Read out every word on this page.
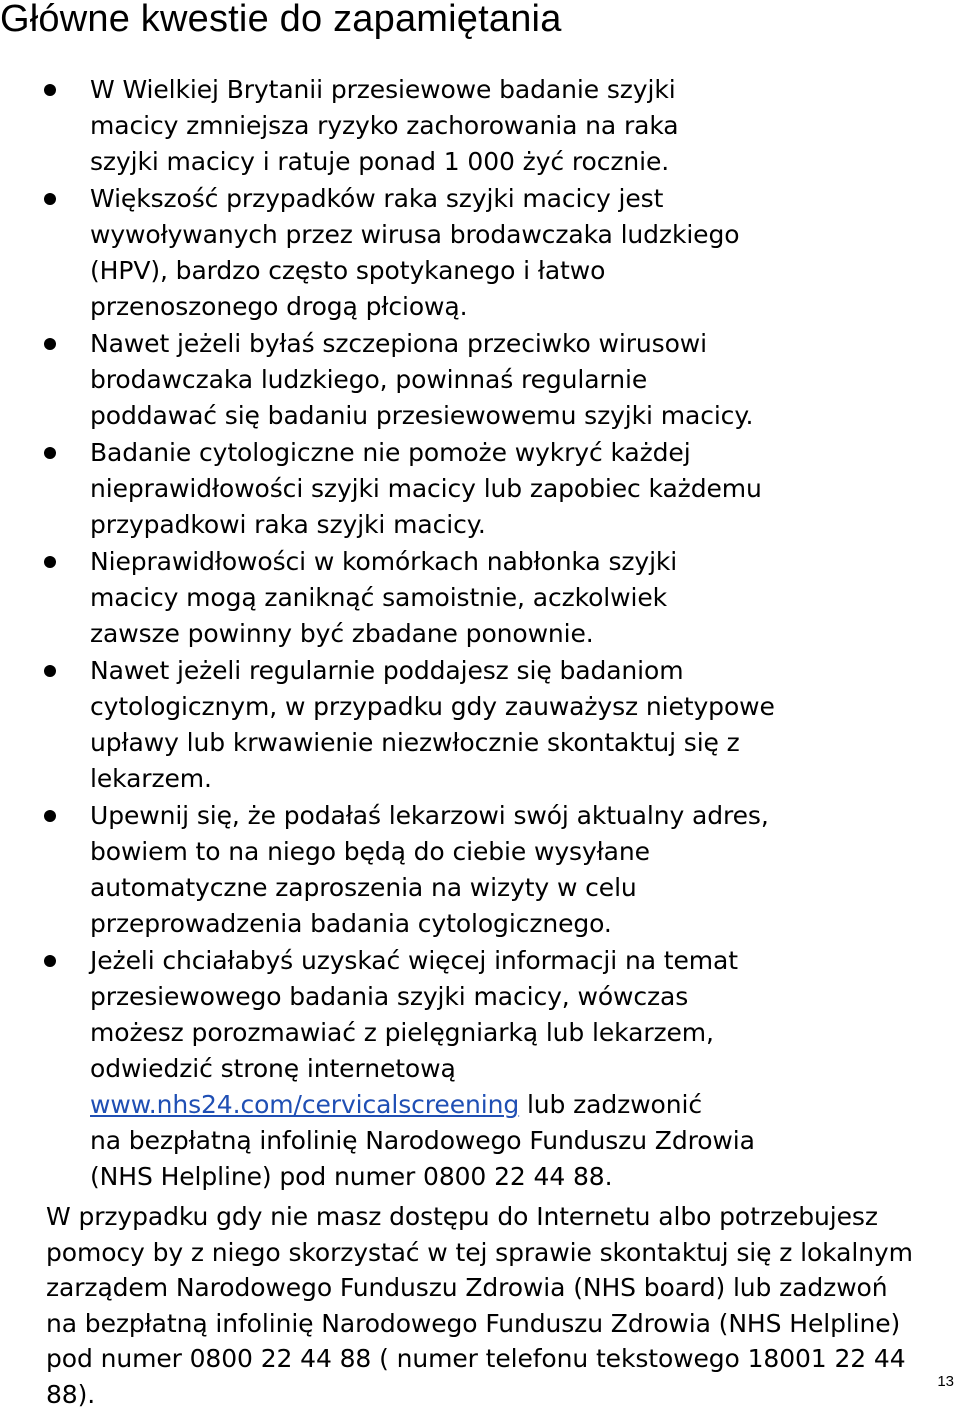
Główne kwestie do zapamiętania
W Wielkiej Brytanii przesiewowe badanie szyjki
macicy zmniejsza ryzyko zachorowania na raka
szyjki macicy i ratuje ponad 1 000 żyć rocznie.
Większość przypadków raka szyjki macicy jest
wywoływanych przez wirusa brodawczaka ludzkiego
(HPV), bardzo często spotykanego i łatwo
przenoszonego drogą płciową.
Nawet jeżeli byłaś szczepiona przeciwko wirusowi
brodawczaka ludzkiego, powinnaś regularnie
poddawać się badaniu przesiewowemu szyjki macicy.
Badanie cytologiczne nie pomoże wykryć każdej
nieprawidłowości szyjki macicy lub zapobiec każdemu
przypadkowi raka szyjki macicy.
Nieprawidłowości w komórkach nabłonka szyjki
macicy mogą zaniknąć samoistnie, aczkolwiek
zawsze powinny być zbadane ponownie.
Nawet jeżeli regularnie poddajesz się badaniom
cytologicznym, w przypadku gdy zauważysz nietypowe
upławy lub krwawienie niezwłocznie skontaktuj się z
lekarzem.
Upewnij się, że podałaś lekarzowi swój aktualny adres,
bowiem to na niego będą do ciebie wysyłane
automatyczne zaproszenia na wizyty w celu
przeprowadzenia badania cytologicznego.
Jeżeli chciałabyś uzyskać więcej informacji na temat
przesiewowego badania szyjki macicy, wówczas
możesz porozmawiać z pielęgniarką lub lekarzem,
odwiedzić stronę internetową
www.nhs24.com/cervicalscreening lub zadzwonić
na bezpłatną infolinię Narodowego Funduszu Zdrowia
(NHS Helpline) pod numer 0800 22 44 88.
W przypadku gdy nie masz dostępu do Internetu albo potrzebujesz
pomocy by z niego skorzystać w tej sprawie skontaktuj się z lokalnym
zarządem Narodowego Funduszu Zdrowia (NHS board) lub zadzwoń
na bezpłatną infolinię Narodowego Funduszu Zdrowia (NHS Helpline)
pod numer 0800 22 44 88 ( numer telefonu tekstowego 18001 22 44 88).	13
